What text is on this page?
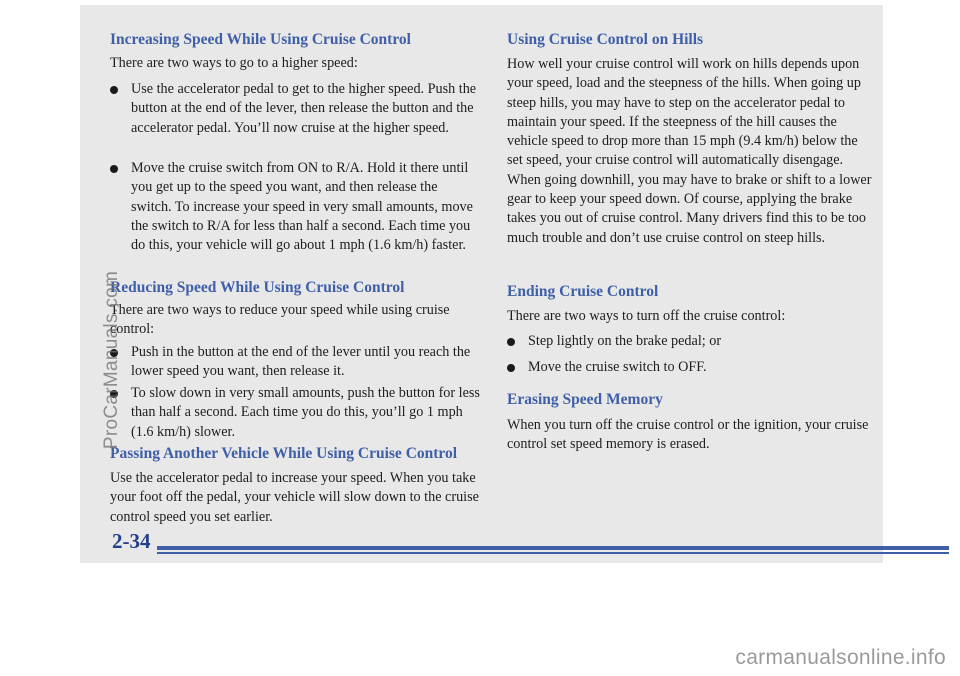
Increasing Speed While Using Cruise Control

There are two ways to go to a higher speed:

Use the accelerator pedal to get to the higher speed. Push the button at the end of the lever, then release the button and the accelerator pedal. You’ll now cruise at the higher speed.

Move the cruise switch from ON to R/A. Hold it there until you get up to the speed you want, and then release the switch. To increase your speed in very small amounts, move the switch to R/A for less than half a second. Each time you do this, your vehicle will go about 1 mph (1.6 km/h) faster.

Reducing Speed While Using Cruise Control

There are two ways to reduce your speed while using cruise control:

Push in the button at the end of the lever until you reach the lower speed you want, then release it.

To slow down in very small amounts, push the button for less than half a second. Each time you do this, you’ll go 1 mph (1.6 km/h) slower.

Passing Another Vehicle While Using Cruise Control

Use the accelerator pedal to increase your speed. When you take your foot off the pedal, your vehicle will slow down to the cruise control speed you set earlier.

Using Cruise Control on Hills

How well your cruise control will work on hills depends upon your speed, load and the steepness of the hills. When going up steep hills, you may have to step on the accelerator pedal to maintain your speed. If the steepness of the hill causes the vehicle speed to drop more than 15 mph (9.4 km/h) below the set speed, your cruise control will automatically disengage. When going downhill, you may have to brake or shift to a lower gear to keep your speed down. Of course, applying the brake takes you out of cruise control. Many drivers find this to be too much trouble and don’t use cruise control on steep hills.

Ending Cruise Control

There are two ways to turn off the cruise control:

Step lightly on the brake pedal; or

Move the cruise switch to OFF.

Erasing Speed Memory

When you turn off the cruise control or the ignition, your cruise control set speed memory is erased.

2-34
ProCarManuals.com
carmanualsonline.info
